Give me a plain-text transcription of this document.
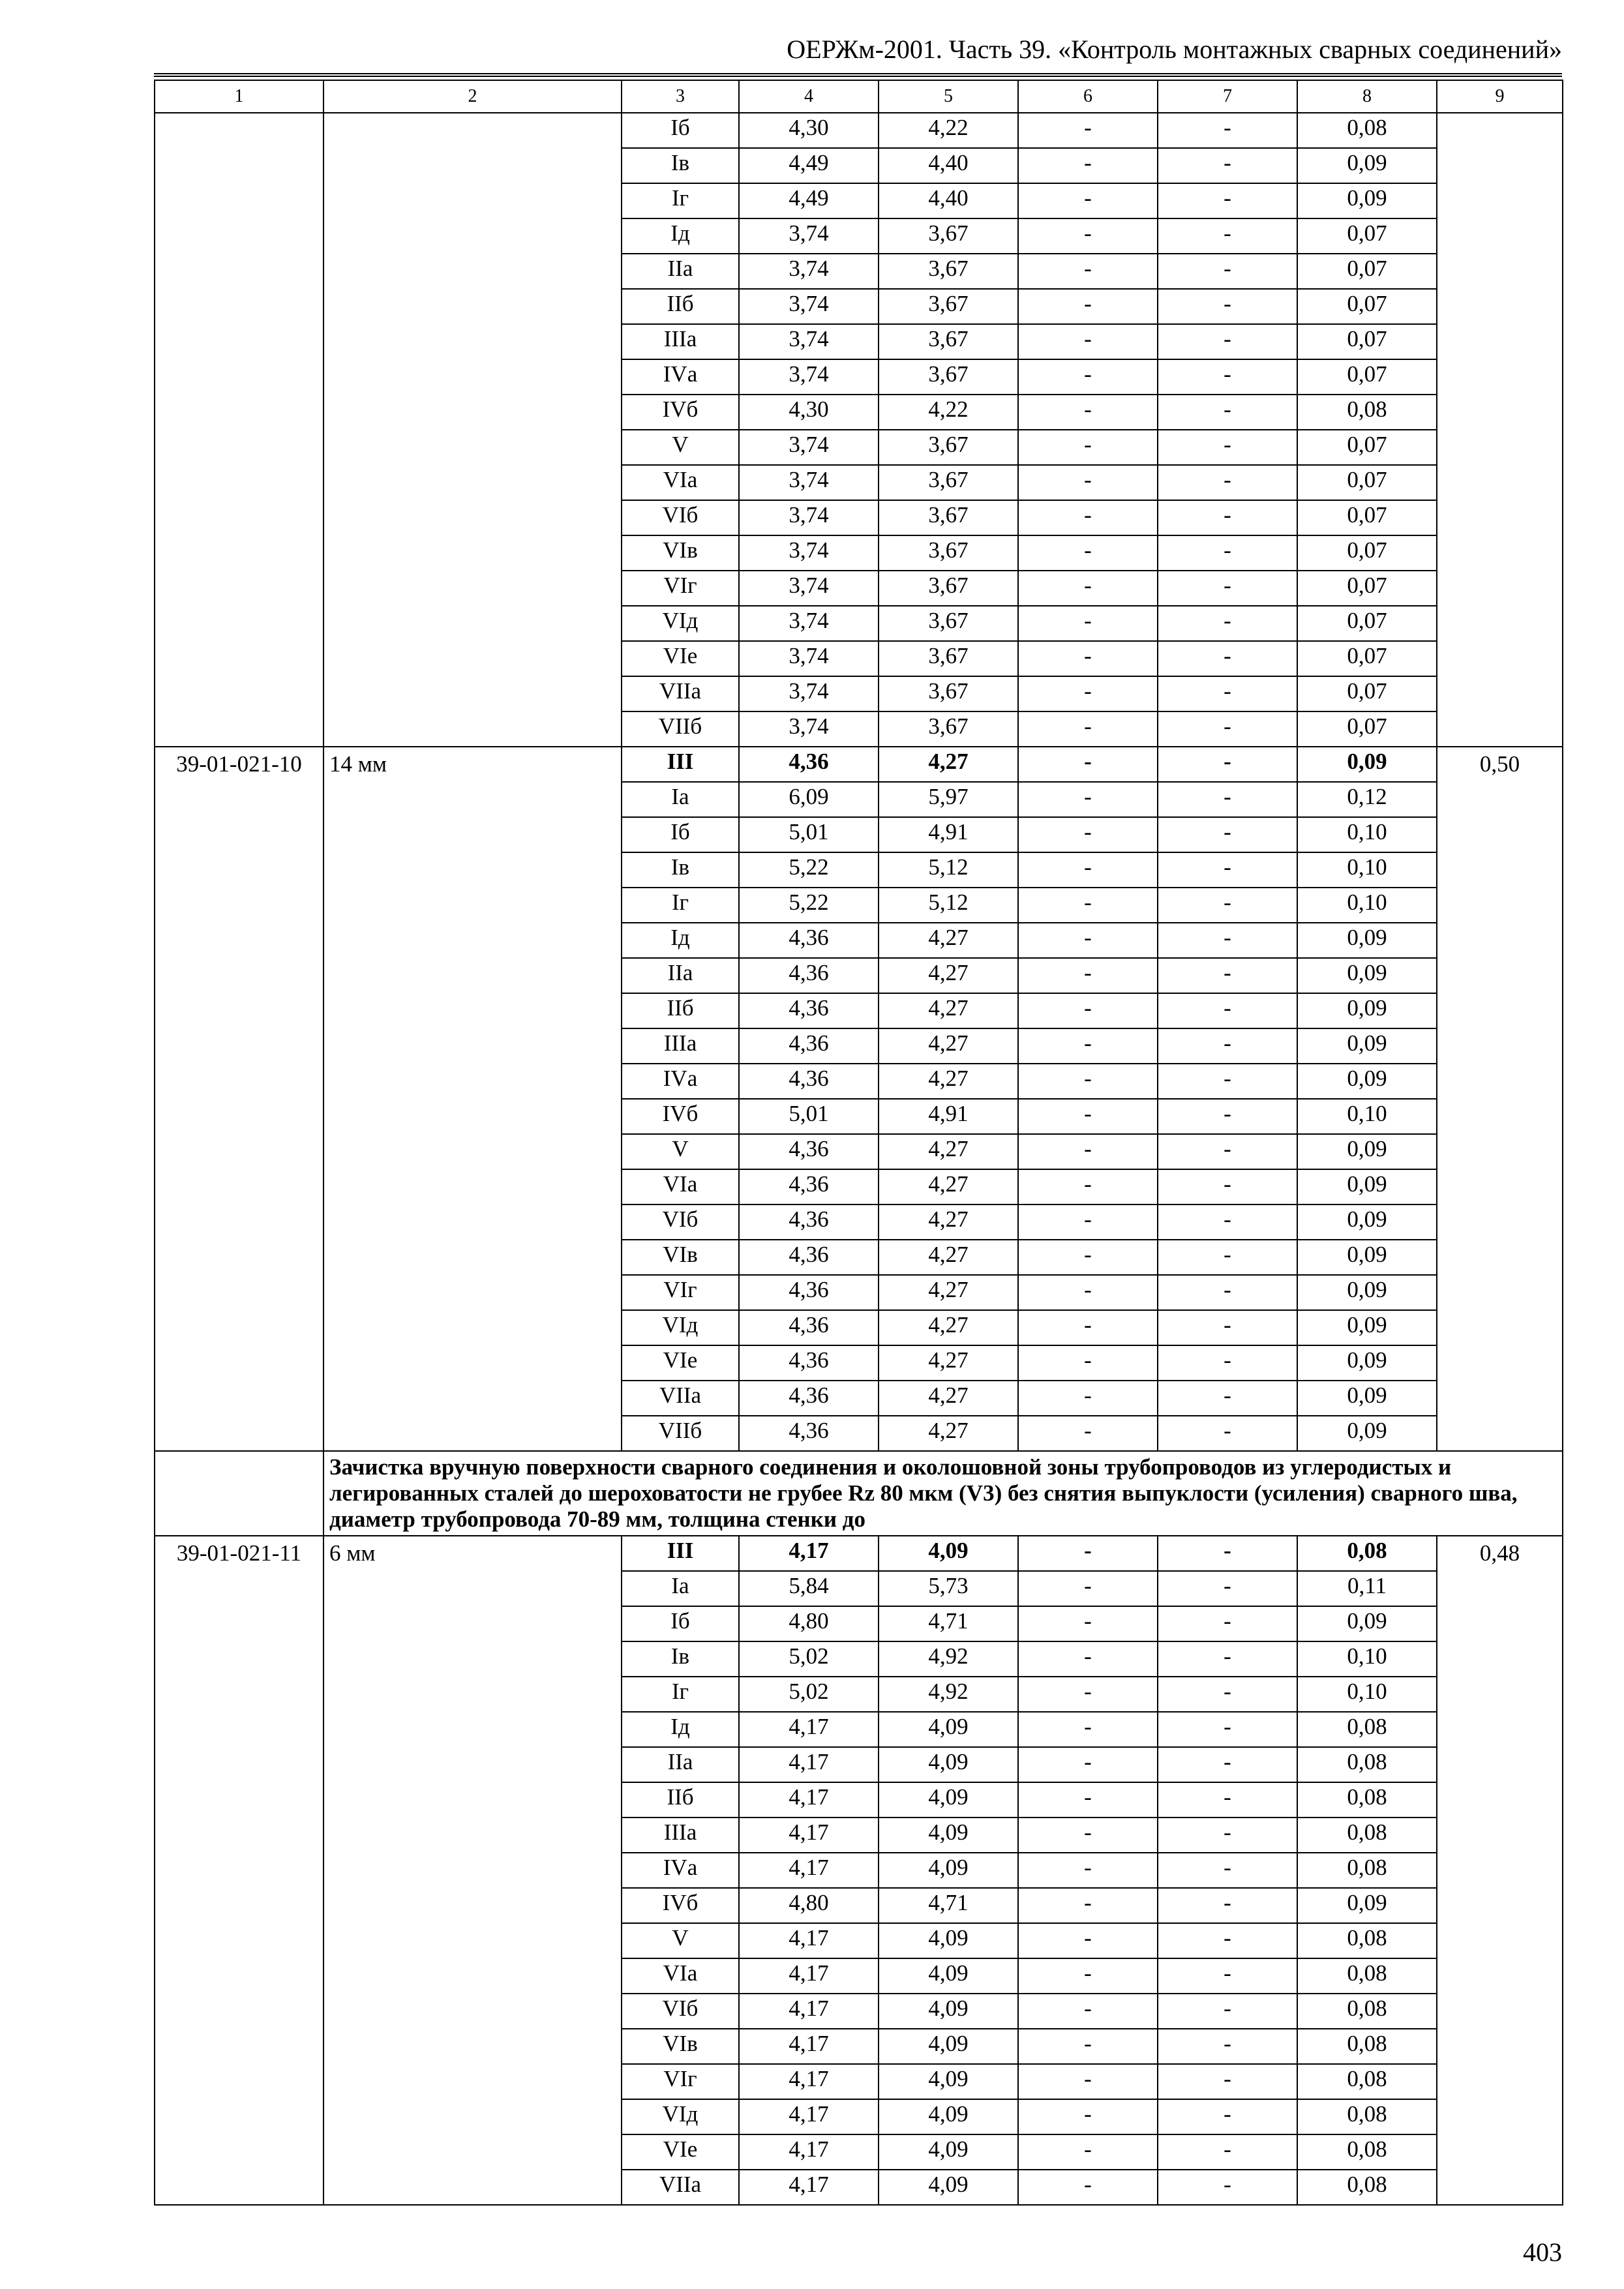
ОЕРЖм-2001. Часть 39. «Контроль монтажных сварных соединений»
1	2	3	4	5	6	7	8	9
		Iб	4,30	4,22	-	-	0,08	
		Iв	4,49	4,40	-	-	0,09	
		Iг	4,49	4,40	-	-	0,09	
		Iд	3,74	3,67	-	-	0,07	
		IIа	3,74	3,67	-	-	0,07	
		IIб	3,74	3,67	-	-	0,07	
		IIIа	3,74	3,67	-	-	0,07	
		IVа	3,74	3,67	-	-	0,07	
		IVб	4,30	4,22	-	-	0,08	
		V	3,74	3,67	-	-	0,07	
		VIа	3,74	3,67	-	-	0,07	
		VIб	3,74	3,67	-	-	0,07	
		VIв	3,74	3,67	-	-	0,07	
		VIг	3,74	3,67	-	-	0,07	
		VIд	3,74	3,67	-	-	0,07	
		VIе	3,74	3,67	-	-	0,07	
		VIIа	3,74	3,67	-	-	0,07	
		VIIб	3,74	3,67	-	-	0,07	
39-01-021-10	14 мм	III	4,36	4,27	-	-	0,09	0,50
		Iа	6,09	5,97	-	-	0,12	
		Iб	5,01	4,91	-	-	0,10	
		Iв	5,22	5,12	-	-	0,10	
		Iг	5,22	5,12	-	-	0,10	
		Iд	4,36	4,27	-	-	0,09	
		IIа	4,36	4,27	-	-	0,09	
		IIб	4,36	4,27	-	-	0,09	
		IIIа	4,36	4,27	-	-	0,09	
		IVа	4,36	4,27	-	-	0,09	
		IVб	5,01	4,91	-	-	0,10	
		V	4,36	4,27	-	-	0,09	
		VIа	4,36	4,27	-	-	0,09	
		VIб	4,36	4,27	-	-	0,09	
		VIв	4,36	4,27	-	-	0,09	
		VIг	4,36	4,27	-	-	0,09	
		VIд	4,36	4,27	-	-	0,09	
		VIе	4,36	4,27	-	-	0,09	
		VIIа	4,36	4,27	-	-	0,09	
		VIIб	4,36	4,27	-	-	0,09	
	Зачистка вручную поверхности сварного соединения и околошовной зоны трубопроводов из углеродистых и легированных сталей до шероховатости не грубее Rz 80 мкм (V3) без снятия выпуклости (усиления) сварного шва, диаметр трубопровода 70-89 мм, толщина стенки до							
39-01-021-11	6 мм	III	4,17	4,09	-	-	0,08	0,48
		Iа	5,84	5,73	-	-	0,11	
		Iб	4,80	4,71	-	-	0,09	
		Iв	5,02	4,92	-	-	0,10	
		Iг	5,02	4,92	-	-	0,10	
		Iд	4,17	4,09	-	-	0,08	
		IIа	4,17	4,09	-	-	0,08	
		IIб	4,17	4,09	-	-	0,08	
		IIIа	4,17	4,09	-	-	0,08	
		IVа	4,17	4,09	-	-	0,08	
		IVб	4,80	4,71	-	-	0,09	
		V	4,17	4,09	-	-	0,08	
		VIа	4,17	4,09	-	-	0,08	
		VIб	4,17	4,09	-	-	0,08	
		VIв	4,17	4,09	-	-	0,08	
		VIг	4,17	4,09	-	-	0,08	
		VIд	4,17	4,09	-	-	0,08	
		VIе	4,17	4,09	-	-	0,08	
		VIIа	4,17	4,09	-	-	0,08	
403
